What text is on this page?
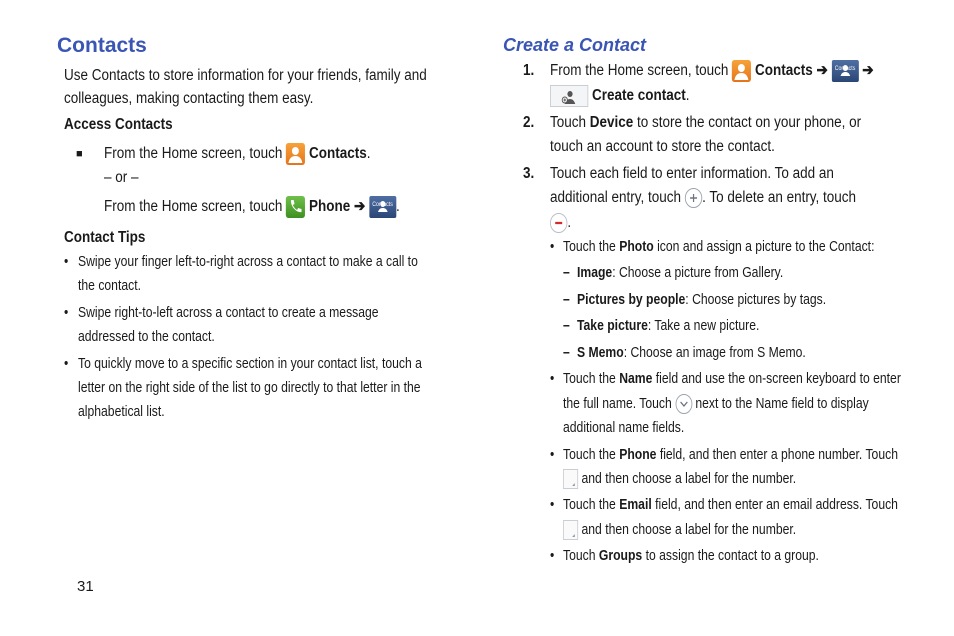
Contacts
Use Contacts to store information for your friends, family and
colleagues, making contacting them easy.
Access Contacts
■ From the Home screen, touch Contacts.
– or –
From the Home screen, touch Phone ➔	Contacts .
Contact Tips
• Swipe your finger left-to-right across a contact to make a call to
the contact.
• Swipe right-to-left across a contact to create a message
addressed to the contact.
• To quickly move to a specific section in your contact list, touch a
letter on the right side of the list to go directly to that letter in the
alphabetical list.
31
Create a Contact
1. From the Home screen, touch Contacts ➔	Contacts ➔
Create contact.
2. Touch Device to store the contact on your phone, or
touch an account to store the contact.
3. Touch each field to enter information. To add an
additional entry, touch . To delete an entry, touch
.
• Touch the Photo icon and assign a picture to the Contact:
– Image: Choose a picture from Gallery.
– Pictures by people: Choose pictures by tags.
– Take picture: Take a new picture.
– S Memo: Choose an image from S Memo.
• Touch the Name field and use the on-screen keyboard to enter
the full name. Touch next to the Name field to display
additional name fields.
• Touch the Phone field, and then enter a phone number. Touch
and then choose a label for the number.
• Touch the Email field, and then enter an email address. Touch
and then choose a label for the number.
• Touch Groups to assign the contact to a group.
